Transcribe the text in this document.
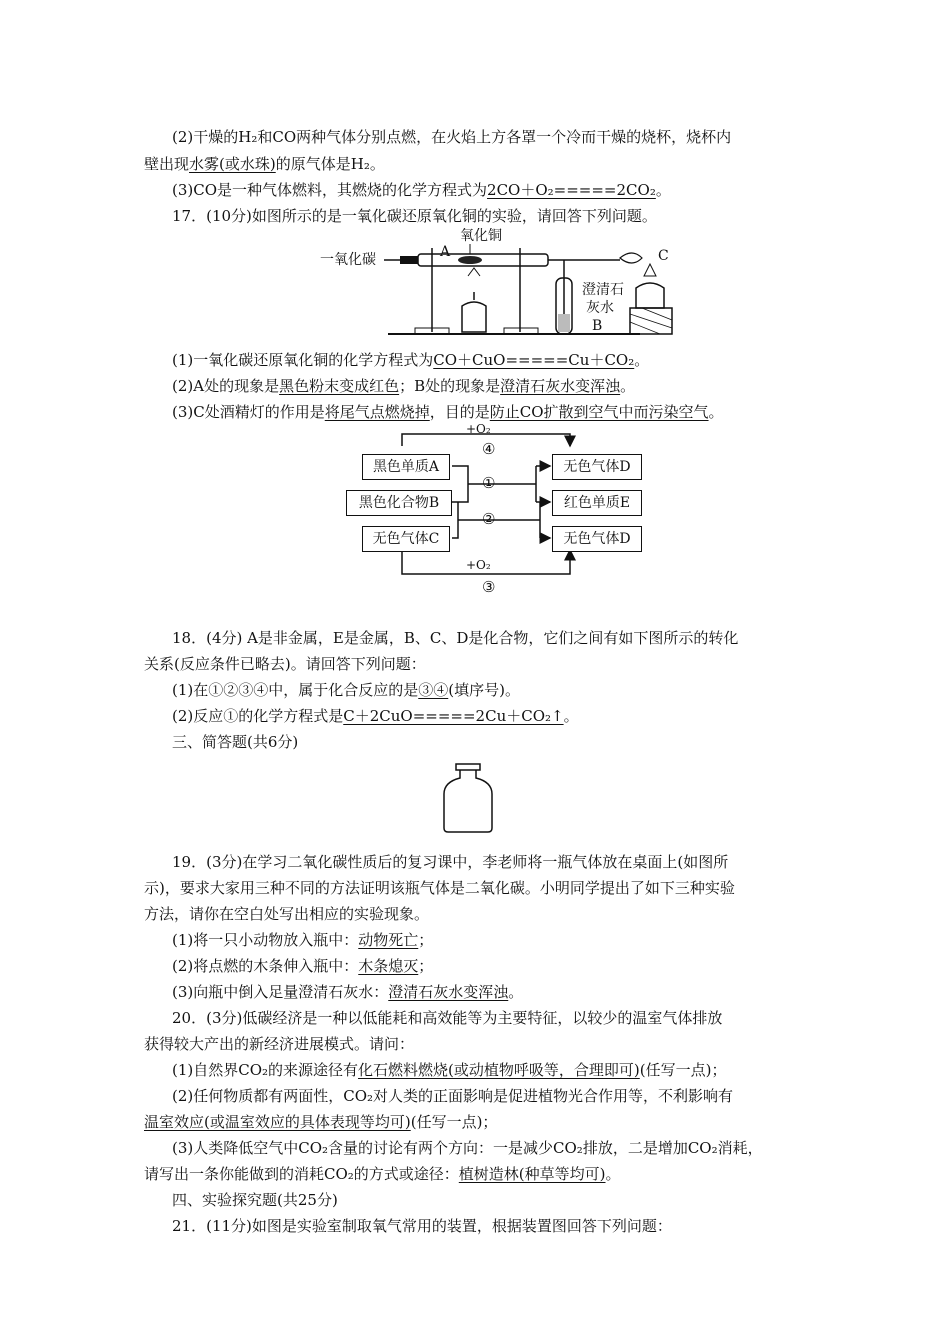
(2)干燥的H₂和CO两种气体分别点燃，在火焰上方各罩一个冷而干燥的烧杯，烧杯内
壁出现水雾(或水珠)的原气体是H₂。
(3)CO是一种气体燃料，其燃烧的化学方程式为2CO＋O₂=====2CO₂。
17．(10分)如图所示的是一氧化碳还原氧化铜的实验，请回答下列问题。
一氧化碳
氧化铜
A	C
澄清石
灰水
B
(1)一氧化碳还原氧化铜的化学方程式为CO＋CuO=====Cu＋CO₂。
(2)A处的现象是黑色粉末变成红色；B处的现象是澄清石灰水变浑浊。
(3)C处酒精灯的作用是将尾气点燃烧掉，目的是防止CO扩散到空气中而污染空气。
+O₂
④
①
②
+O₂
③
黑色单质A
黑色化合物B
无色气体C
无色气体D
红色单质E
无色气体D
18．(4分) A是非金属，E是金属，B、C、D是化合物，它们之间有如下图所示的转化
关系(反应条件已略去)。请回答下列问题：
(1)在①②③④中，属于化合反应的是③④(填序号)。
(2)反应①的化学方程式是C＋2CuO=====2Cu＋CO₂↑。
三、简答题(共6分)
19．(3分)在学习二氧化碳性质后的复习课中，李老师将一瓶气体放在桌面上(如图所
示)，要求大家用三种不同的方法证明该瓶气体是二氧化碳。小明同学提出了如下三种实验
方法，请你在空白处写出相应的实验现象。
(1)将一只小动物放入瓶中：动物死亡；
(2)将点燃的木条伸入瓶中：木条熄灭；
(3)向瓶中倒入足量澄清石灰水：澄清石灰水变浑浊。
20．(3分)低碳经济是一种以低能耗和高效能等为主要特征，以较少的温室气体排放
获得较大产出的新经济进展模式。请问：
(1)自然界CO₂的来源途径有化石燃料燃烧(或动植物呼吸等，合理即可)(任写一点)；
(2)任何物质都有两面性，CO₂对人类的正面影响是促进植物光合作用等，不利影响有
温室效应(或温室效应的具体表现等均可)(任写一点)；
(3)人类降低空气中CO₂含量的讨论有两个方向：一是减少CO₂排放，二是增加CO₂消耗，
请写出一条你能做到的消耗CO₂的方式或途径：植树造林(种草等均可)。
四、实验探究题(共25分)
21．(11分)如图是实验室制取氧气常用的装置，根据装置图回答下列问题：
